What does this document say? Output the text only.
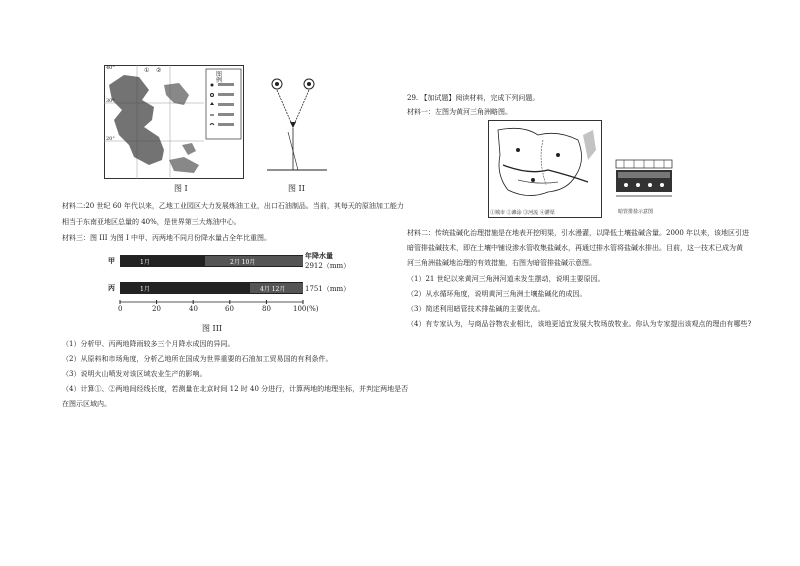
图
例
40°
30°
20°
① ②
图 I	图 II
材料二:20 世纪 60 年代以来，乙地工业园区大力发展炼油工业，出口石油制品。当前，其每天的原油加工能力
相当于东南亚地区总量的 40%，是世界第三大炼油中心。
材料三：图 III 为图 I 中甲、丙两地不同月份降水量占全年比重图。
甲
丙
1月	2月 10月
1月	4月 12月
年降水量
2912（mm）
1751（mm）
0	20	40	60	80	100(%)
图 III
（1）分析甲、丙两地降雨较多三个月降水成因的异同。
（2）从原料和市场角度，分析乙地所在国成为世界重要的石油加工贸易国的有利条件。
（3）说明火山喷发对该区域农业生产的影响。
（4）计算①、②两地间经线长度，若测量在北京时间 12 时 40 分进行，计算两地的地理坐标，并判定两地是否
在图示区域内。
29. 【加试题】阅读材料，完成下列问题。
材料一：左图为黄河三角洲略图。
①城市 ②滩涂 ③河流 ④灌渠	暗管排盐示意图
材料二：传统盐碱化治理措施是在地表开挖明渠，引水漫灌，以降低土壤盐碱含量。2000 年以来，该地区引进
暗管排盐碱技术，即在土壤中铺设渗水管收集盐碱水，再通过排水管将盐碱水排出。目前，这一技术已成为黄
河三角洲盐碱地治理的有效措施，右图为暗管排盐碱示意图。
（1）21 世纪以来黄河三角洲河道未发生摆动，说明主要原因。
（2）从水循环角度，说明黄河三角洲土壤盐碱化的成因。
（3）简述利用暗管技术排盐碱的主要优点。
（4）有专家认为，与商品谷物农业相比，该地更适宜发展大牧场放牧业。你认为专家提出该观点的理由有哪些?
